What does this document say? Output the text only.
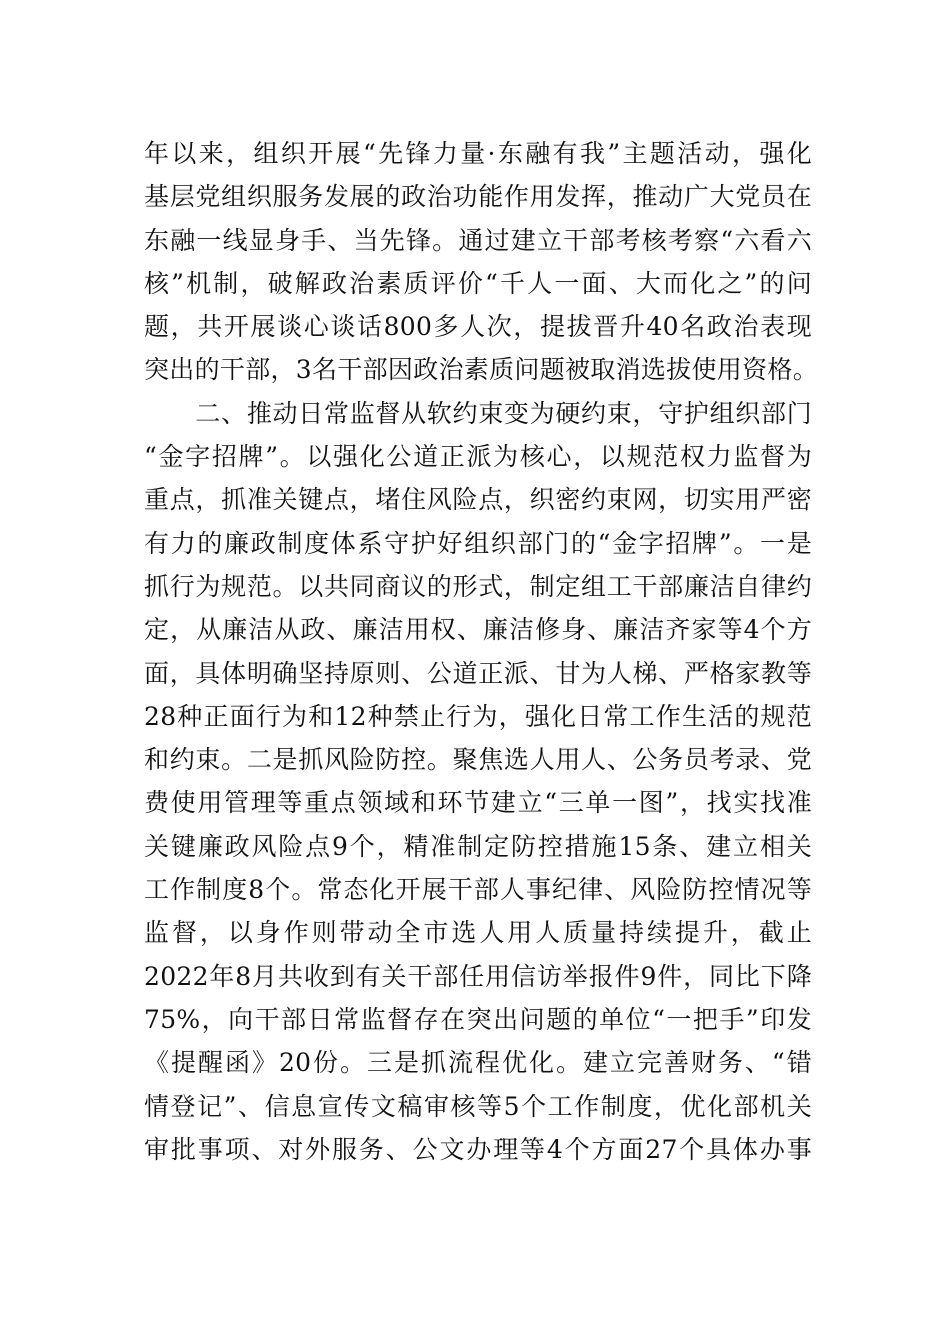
年以来，组织开展“先锋力量·东融有我”主题活动，强化
基层党组织服务发展的政治功能作用发挥，推动广大党员在
东融一线显身手、当先锋。通过建立干部考核考察“六看六
核”机制，破解政治素质评价“千人一面、大而化之”的问
题，共开展谈心谈话800多人次，提拔晋升40名政治表现
突出的干部，3名干部因政治素质问题被取消选拔使用资格。
　　二、推动日常监督从软约束变为硬约束，守护组织部门
“金字招牌”。以强化公道正派为核心，以规范权力监督为
重点，抓准关键点，堵住风险点，织密约束网，切实用严密
有力的廉政制度体系守护好组织部门的“金字招牌”。一是
抓行为规范。以共同商议的形式，制定组工干部廉洁自律约
定，从廉洁从政、廉洁用权、廉洁修身、廉洁齐家等4个方
面，具体明确坚持原则、公道正派、甘为人梯、严格家教等
28种正面行为和12种禁止行为，强化日常工作生活的规范
和约束。二是抓风险防控。聚焦选人用人、公务员考录、党
费使用管理等重点领域和环节建立“三单一图”，找实找准
关键廉政风险点9个，精准制定防控措施15条、建立相关
工作制度8个。常态化开展干部人事纪律、风险防控情况等
监督，以身作则带动全市选人用人质量持续提升，截止
2022年8月共收到有关干部任用信访举报件9件，同比下降
75%，向干部日常监督存在突出问题的单位“一把手”印发
《提醒函》20份。三是抓流程优化。建立完善财务、“错
情登记”、信息宣传文稿审核等5个工作制度，优化部机关
审批事项、对外服务、公文办理等4个方面27个具体办事
